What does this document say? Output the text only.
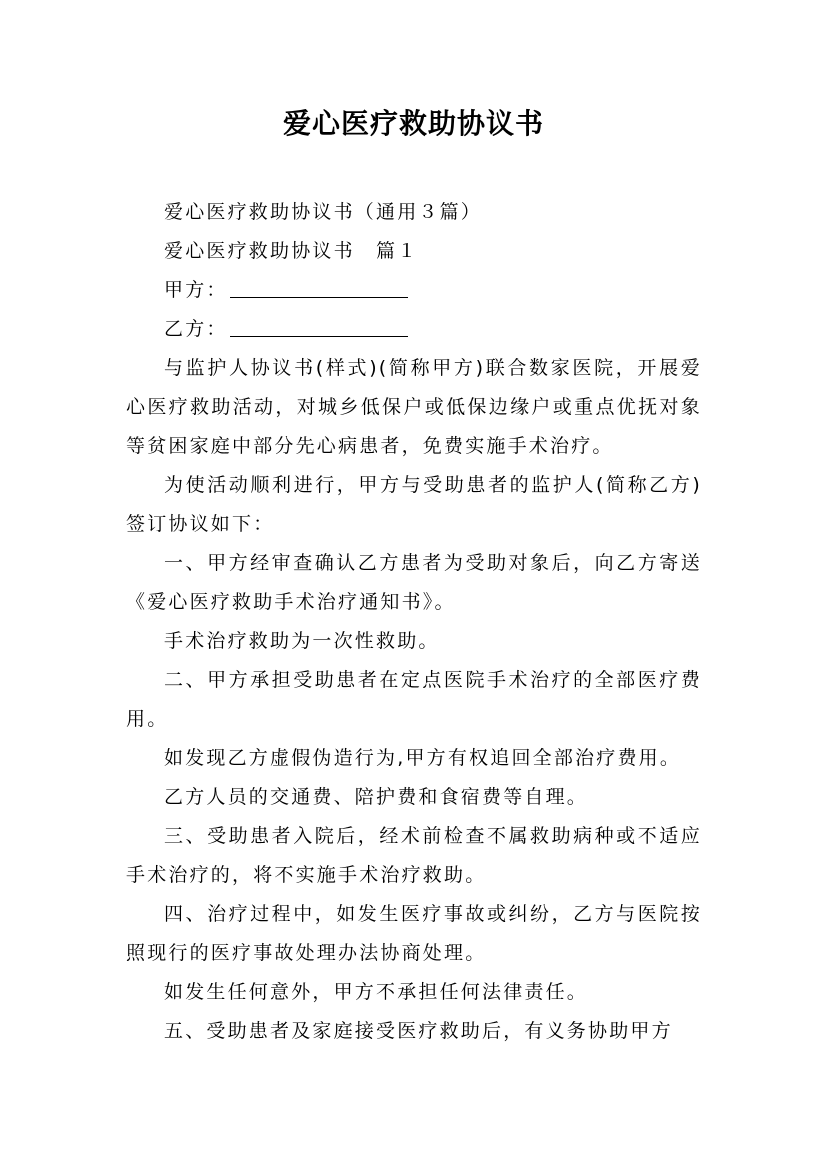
爱心医疗救助协议书

爱心医疗救助协议书（通用３篇）

爱心医疗救助协议书　篇１

甲方：

乙方：

与监护人协议书(样式)(简称甲方)联合数家医院，开展爱心医疗救助活动，对城乡低保户或低保边缘户或重点优抚对象等贫困家庭中部分先心病患者，免费实施手术治疗。

为使活动顺利进行，甲方与受助患者的监护人(简称乙方)签订协议如下：

一、甲方经审查确认乙方患者为受助对象后，向乙方寄送《爱心医疗救助手术治疗通知书》。

手术治疗救助为一次性救助。

二、甲方承担受助患者在定点医院手术治疗的全部医疗费用。

如发现乙方虚假伪造行为,甲方有权追回全部治疗费用。

乙方人员的交通费、陪护费和食宿费等自理。

三、受助患者入院后，经术前检查不属救助病种或不适应手术治疗的，将不实施手术治疗救助。

四、治疗过程中，如发生医疗事故或纠纷，乙方与医院按照现行的医疗事故处理办法协商处理。

如发生任何意外，甲方不承担任何法律责任。

五、受助患者及家庭接受医疗救助后，有义务协助甲方
